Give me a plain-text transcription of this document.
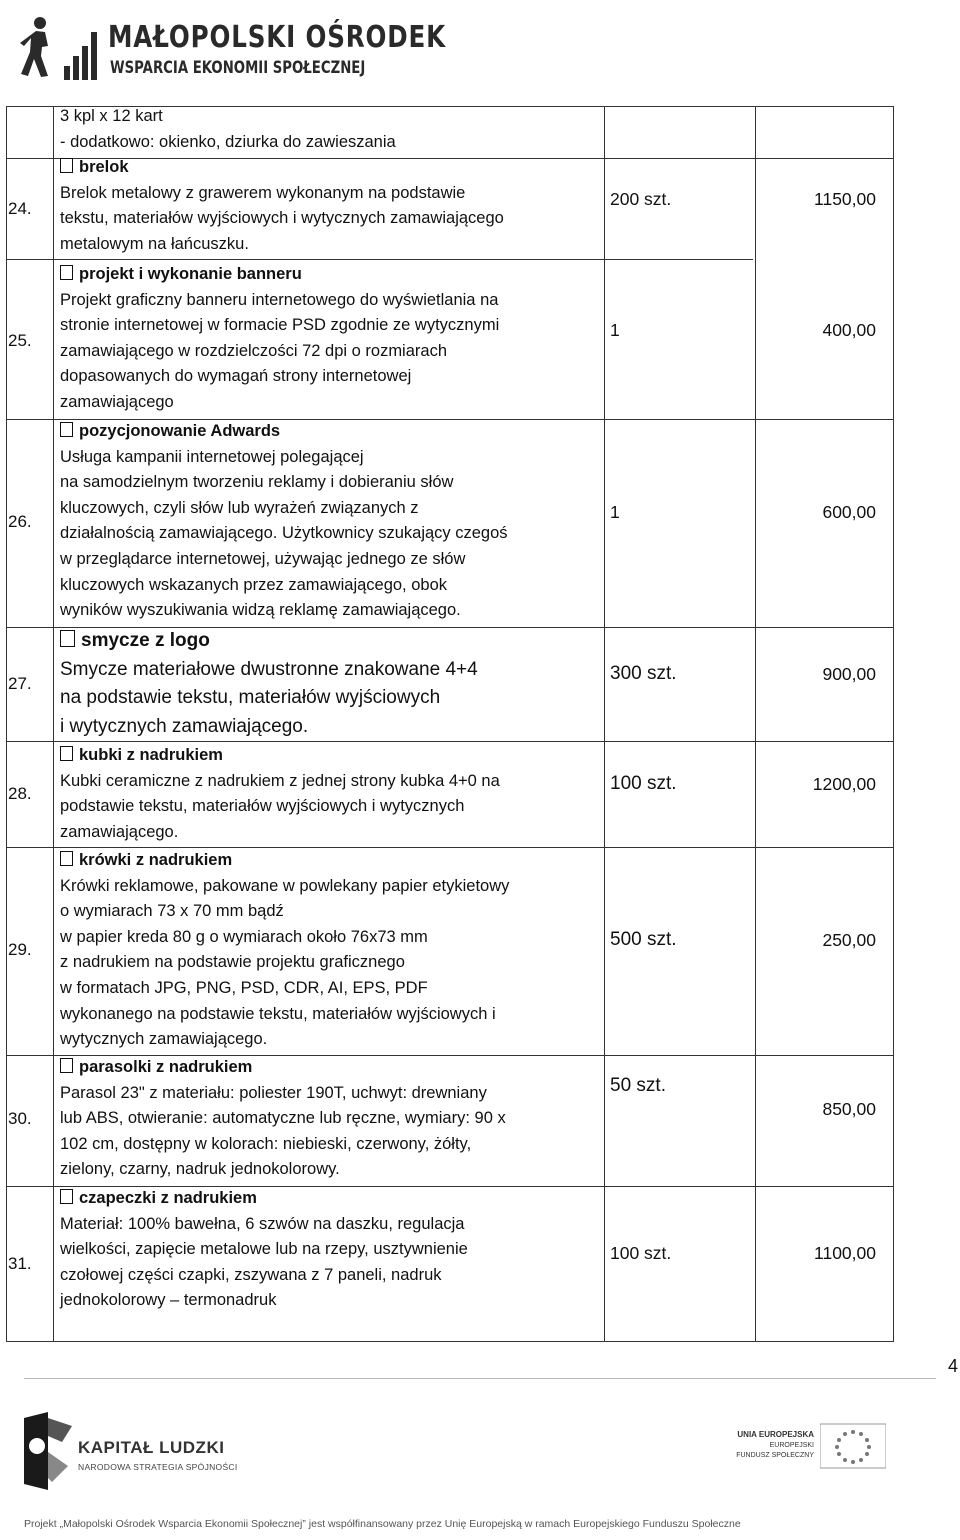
MAŁOPOLSKI OŚRODEK
WSPARCIA EKONOMII SPOŁECZNEJ
24.
3 kpl x 12 kart
- dodatkowo: okienko, dziurka do zawieszania
brelok
Brelok metalowy z grawerem wykonanym na podstawie
tekstu, materiałów wyjściowych i wytycznych zamawiającego
metalowym na łańcuszku.
200 szt.	1150,00
25.
projekt i wykonanie banneru
Projekt graficzny banneru internetowego do wyświetlania na
stronie internetowej w formacie PSD zgodnie ze wytycznymi
zamawiającego w rozdzielczości 72 dpi o rozmiarach
dopasowanych do wymagań strony internetowej
zamawiającego
1	400,00
26.
pozycjonowanie Adwards
Usługa kampanii internetowej polegającej
na samodzielnym tworzeniu reklamy i dobieraniu słów
kluczowych, czyli słów lub wyrażeń związanych z
działalnością zamawiającego. Użytkownicy szukający czegoś
w przeglądarce internetowej, używając jednego ze słów
kluczowych wskazanych przez zamawiającego, obok
wyników wyszukiwania widzą reklamę zamawiającego.
1	600,00
27.
smycze z logo
Smycze materiałowe dwustronne znakowane 4+4
na podstawie tekstu, materiałów wyjściowych
i wytycznych zamawiającego.
300 szt.	900,00
28.
kubki z nadrukiem
Kubki ceramiczne z nadrukiem z jednej strony kubka 4+0 na
podstawie tekstu, materiałów wyjściowych i wytycznych
zamawiającego.
100 szt.	1200,00
29.
krówki z nadrukiem
Krówki reklamowe, pakowane w powlekany papier etykietowy
o wymiarach 73 x 70 mm bądź
w papier kreda 80 g o wymiarach około 76x73 mm
z nadrukiem na podstawie projektu graficznego
w formatach JPG, PNG, PSD, CDR, AI, EPS, PDF
wykonanego na podstawie tekstu, materiałów wyjściowych i
wytycznych zamawiającego.
500 szt.	250,00
30.
parasolki z nadrukiem
Parasol 23" z materiału: poliester 190T, uchwyt: drewniany
lub ABS, otwieranie: automatyczne lub ręczne, wymiary: 90 x
102 cm, dostępny w kolorach: niebieski, czerwony, żółty,
zielony, czarny, nadruk jednokolorowy.
50 szt.
850,00
31.
czapeczki z nadrukiem
Materiał: 100% bawełna, 6 szwów na daszku, regulacja
wielkości, zapięcie metalowe lub na rzepy, usztywnienie
czołowej części czapki, zszywana z 7 paneli, nadruk
jednokolorowy – termonadruk
100 szt.	1100,00
4
KAPITAŁ LUDZKI
NARODOWA STRATEGIA SPÓJNOŚCI
UNIA EUROPEJSKA
EUROPEJSKI
FUNDUSZ SPOŁECZNY
Projekt „Małopolski Ośrodek Wsparcia Ekonomii Społecznej” jest współfinansowany przez Unię Europejską w ramach Europejskiego Funduszu Społeczne
